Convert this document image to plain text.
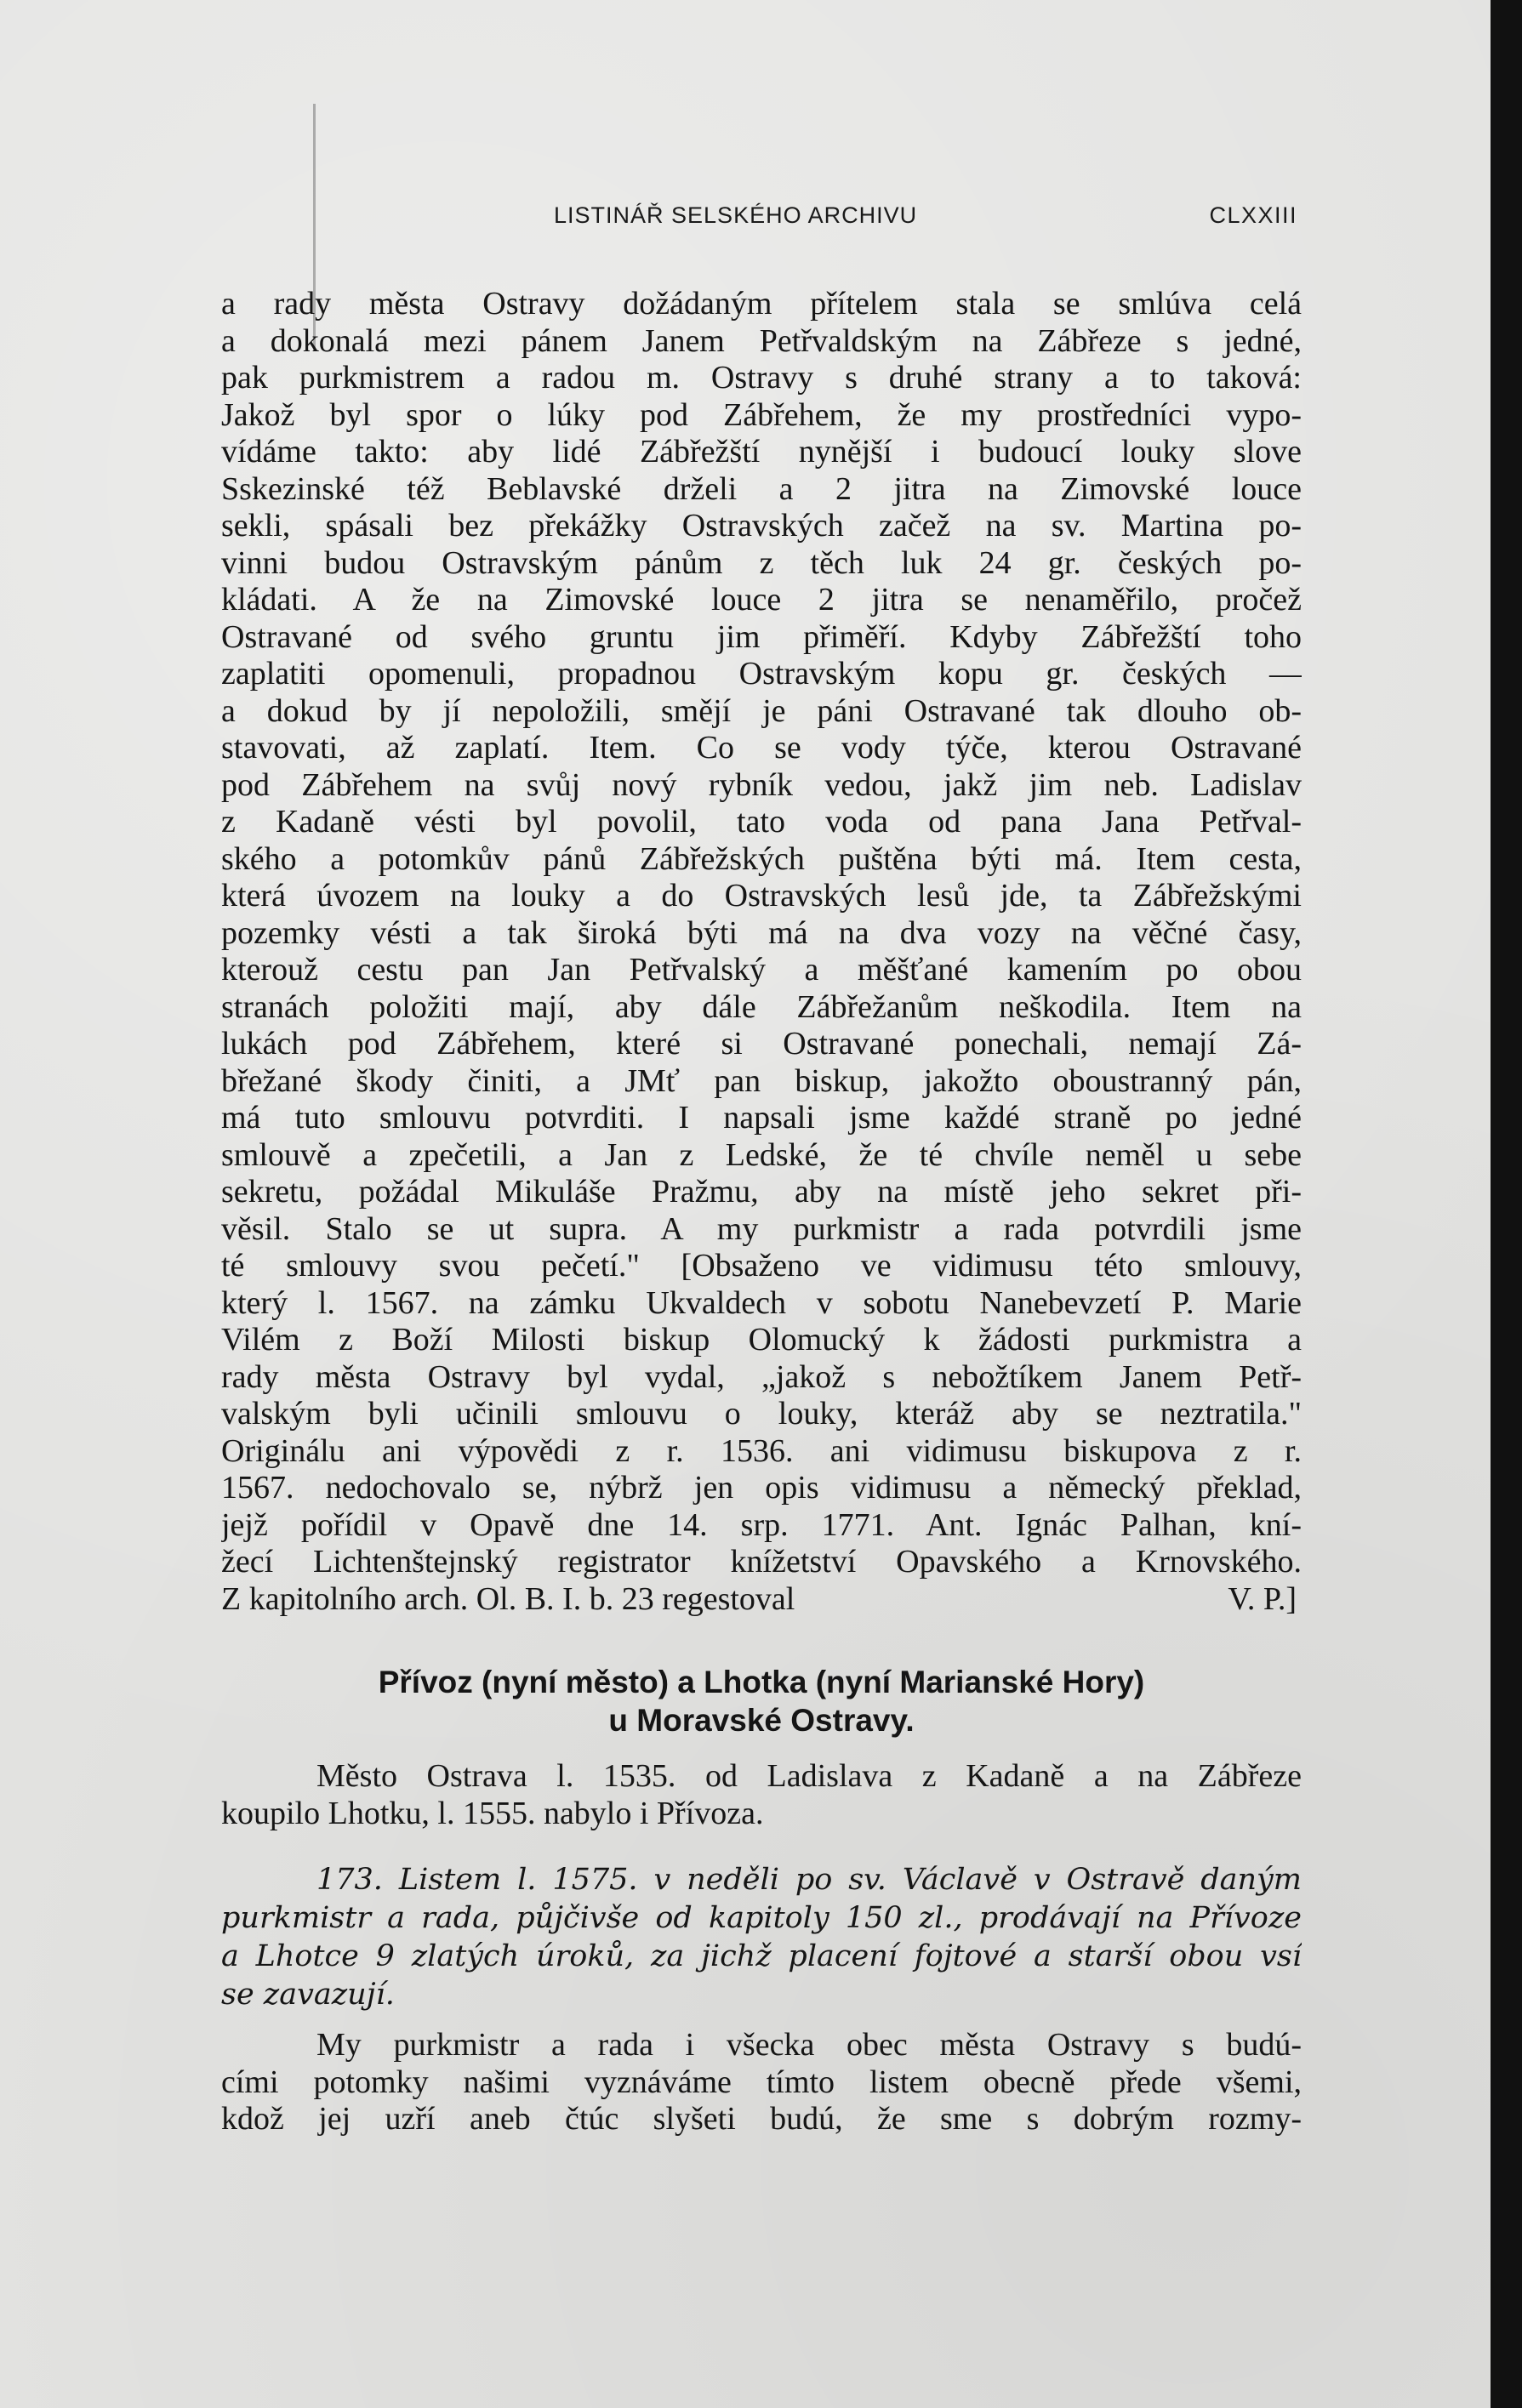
LISTINÁŘ SELSKÉHO ARCHIVU	CLXXIII
a rady města Ostravy dožádaným přítelem stala se smlúva celá
a dokonalá mezi pánem Janem Petřvaldským na Zábřeze s jedné,
pak purkmistrem a radou m. Ostravy s druhé strany a to taková:
Jakož byl spor o lúky pod Zábřehem, že my prostředníci vypo-
vídáme takto: aby lidé Zábřežští nynější i budoucí louky slove
Sskezinské též Beblavské drželi a 2 jitra na Zimovské louce
sekli, spásali bez překážky Ostravských začež na sv. Martina po-
vinni budou Ostravským pánům z těch luk 24 gr. českých po-
kládati. A že na Zimovské louce 2 jitra se nenaměřilo, pročež
Ostravané od svého gruntu jim přiměří. Kdyby Zábřežští toho
zaplatiti opomenuli, propadnou Ostravským kopu gr. českých —
a dokud by jí nepoložili, smějí je páni Ostravané tak dlouho ob-
stavovati, až zaplatí. Item. Co se vody týče, kterou Ostravané
pod Zábřehem na svůj nový rybník vedou, jakž jim neb. Ladislav
z Kadaně vésti byl povolil, tato voda od pana Jana Petřval-
ského a potomkův pánů Zábřežských puštěna býti má. Item cesta,
která úvozem na louky a do Ostravských lesů jde, ta Zábřežskými
pozemky vésti a tak široká býti má na dva vozy na věčné časy,
kterouž cestu pan Jan Petřvalský a měšťané kamením po obou
stranách položiti mají, aby dále Zábřežanům neškodila. Item na
lukách pod Zábřehem, které si Ostravané ponechali, nemají Zá-
břežané škody činiti, a JMť pan biskup, jakožto oboustranný pán,
má tuto smlouvu potvrditi. I napsali jsme každé straně po jedné
smlouvě a zpečetili, a Jan z Ledské, že té chvíle neměl u sebe
sekretu, požádal Mikuláše Pražmu, aby na místě jeho sekret při-
věsil. Stalo se ut supra. A my purkmistr a rada potvrdili jsme
té smlouvy svou pečetí." [Obsaženo ve vidimusu této smlouvy,
který l. 1567. na zámku Ukvaldech v sobotu Nanebevzetí P. Marie
Vilém z Boží Milosti biskup Olomucký k žádosti purkmistra a
rady města Ostravy byl vydal, „jakož s nebožtíkem Janem Petř-
valským byli učinili smlouvu o louky, kteráž aby se neztratila."
Originálu ani výpovědi z r. 1536. ani vidimusu biskupova z r.
1567. nedochovalo se, nýbrž jen opis vidimusu a německý překlad,
jejž pořídil v Opavě dne 14. srp. 1771. Ant. Ignác Palhan, kní-
žecí Lichtenštejnský registrator knížetství Opavského a Krnovského.
Z kapitolního arch. Ol. B. I. b. 23 regestoval	V. P.]
Přívoz (nyní město) a Lhotka (nyní Marianské Hory)
u Moravské Ostravy.
Město Ostrava l. 1535. od Ladislava z Kadaně a na Zábřeze
koupilo Lhotku, l. 1555. nabylo i Přívoza.
173. Listem l. 1575. v neděli po sv. Václavě v Ostravě daným
purkmistr a rada, půjčivše od kapitoly 150 zl., prodávají na Přívoze
a Lhotce 9 zlatých úroků, za jichž placení fojtové a starší obou vsí
se zavazují.
My purkmistr a rada i všecka obec města Ostravy s budú-
cími potomky našimi vyznáváme tímto listem obecně přede všemi,
kdož jej uzří aneb čtúc slyšeti budú, že sme s dobrým rozmy-
